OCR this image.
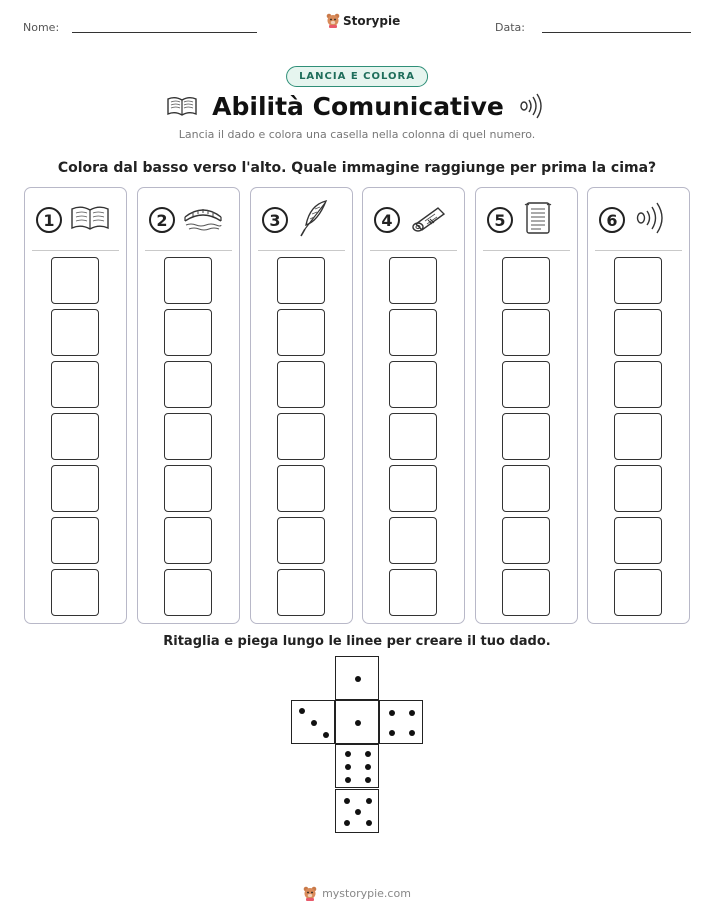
Nome:	Storypie	Data:
LANCIA E COLORA
Abilità Comunicative
Lancia il dado e colora una casella nella colonna di quel numero.
Colora dal basso verso l'alto. Quale immagine raggiunge per prima la cima?
1	2	3	4	5	6
Ritaglia e piega lungo le linee per creare il tuo dado.
mystorypie.com
